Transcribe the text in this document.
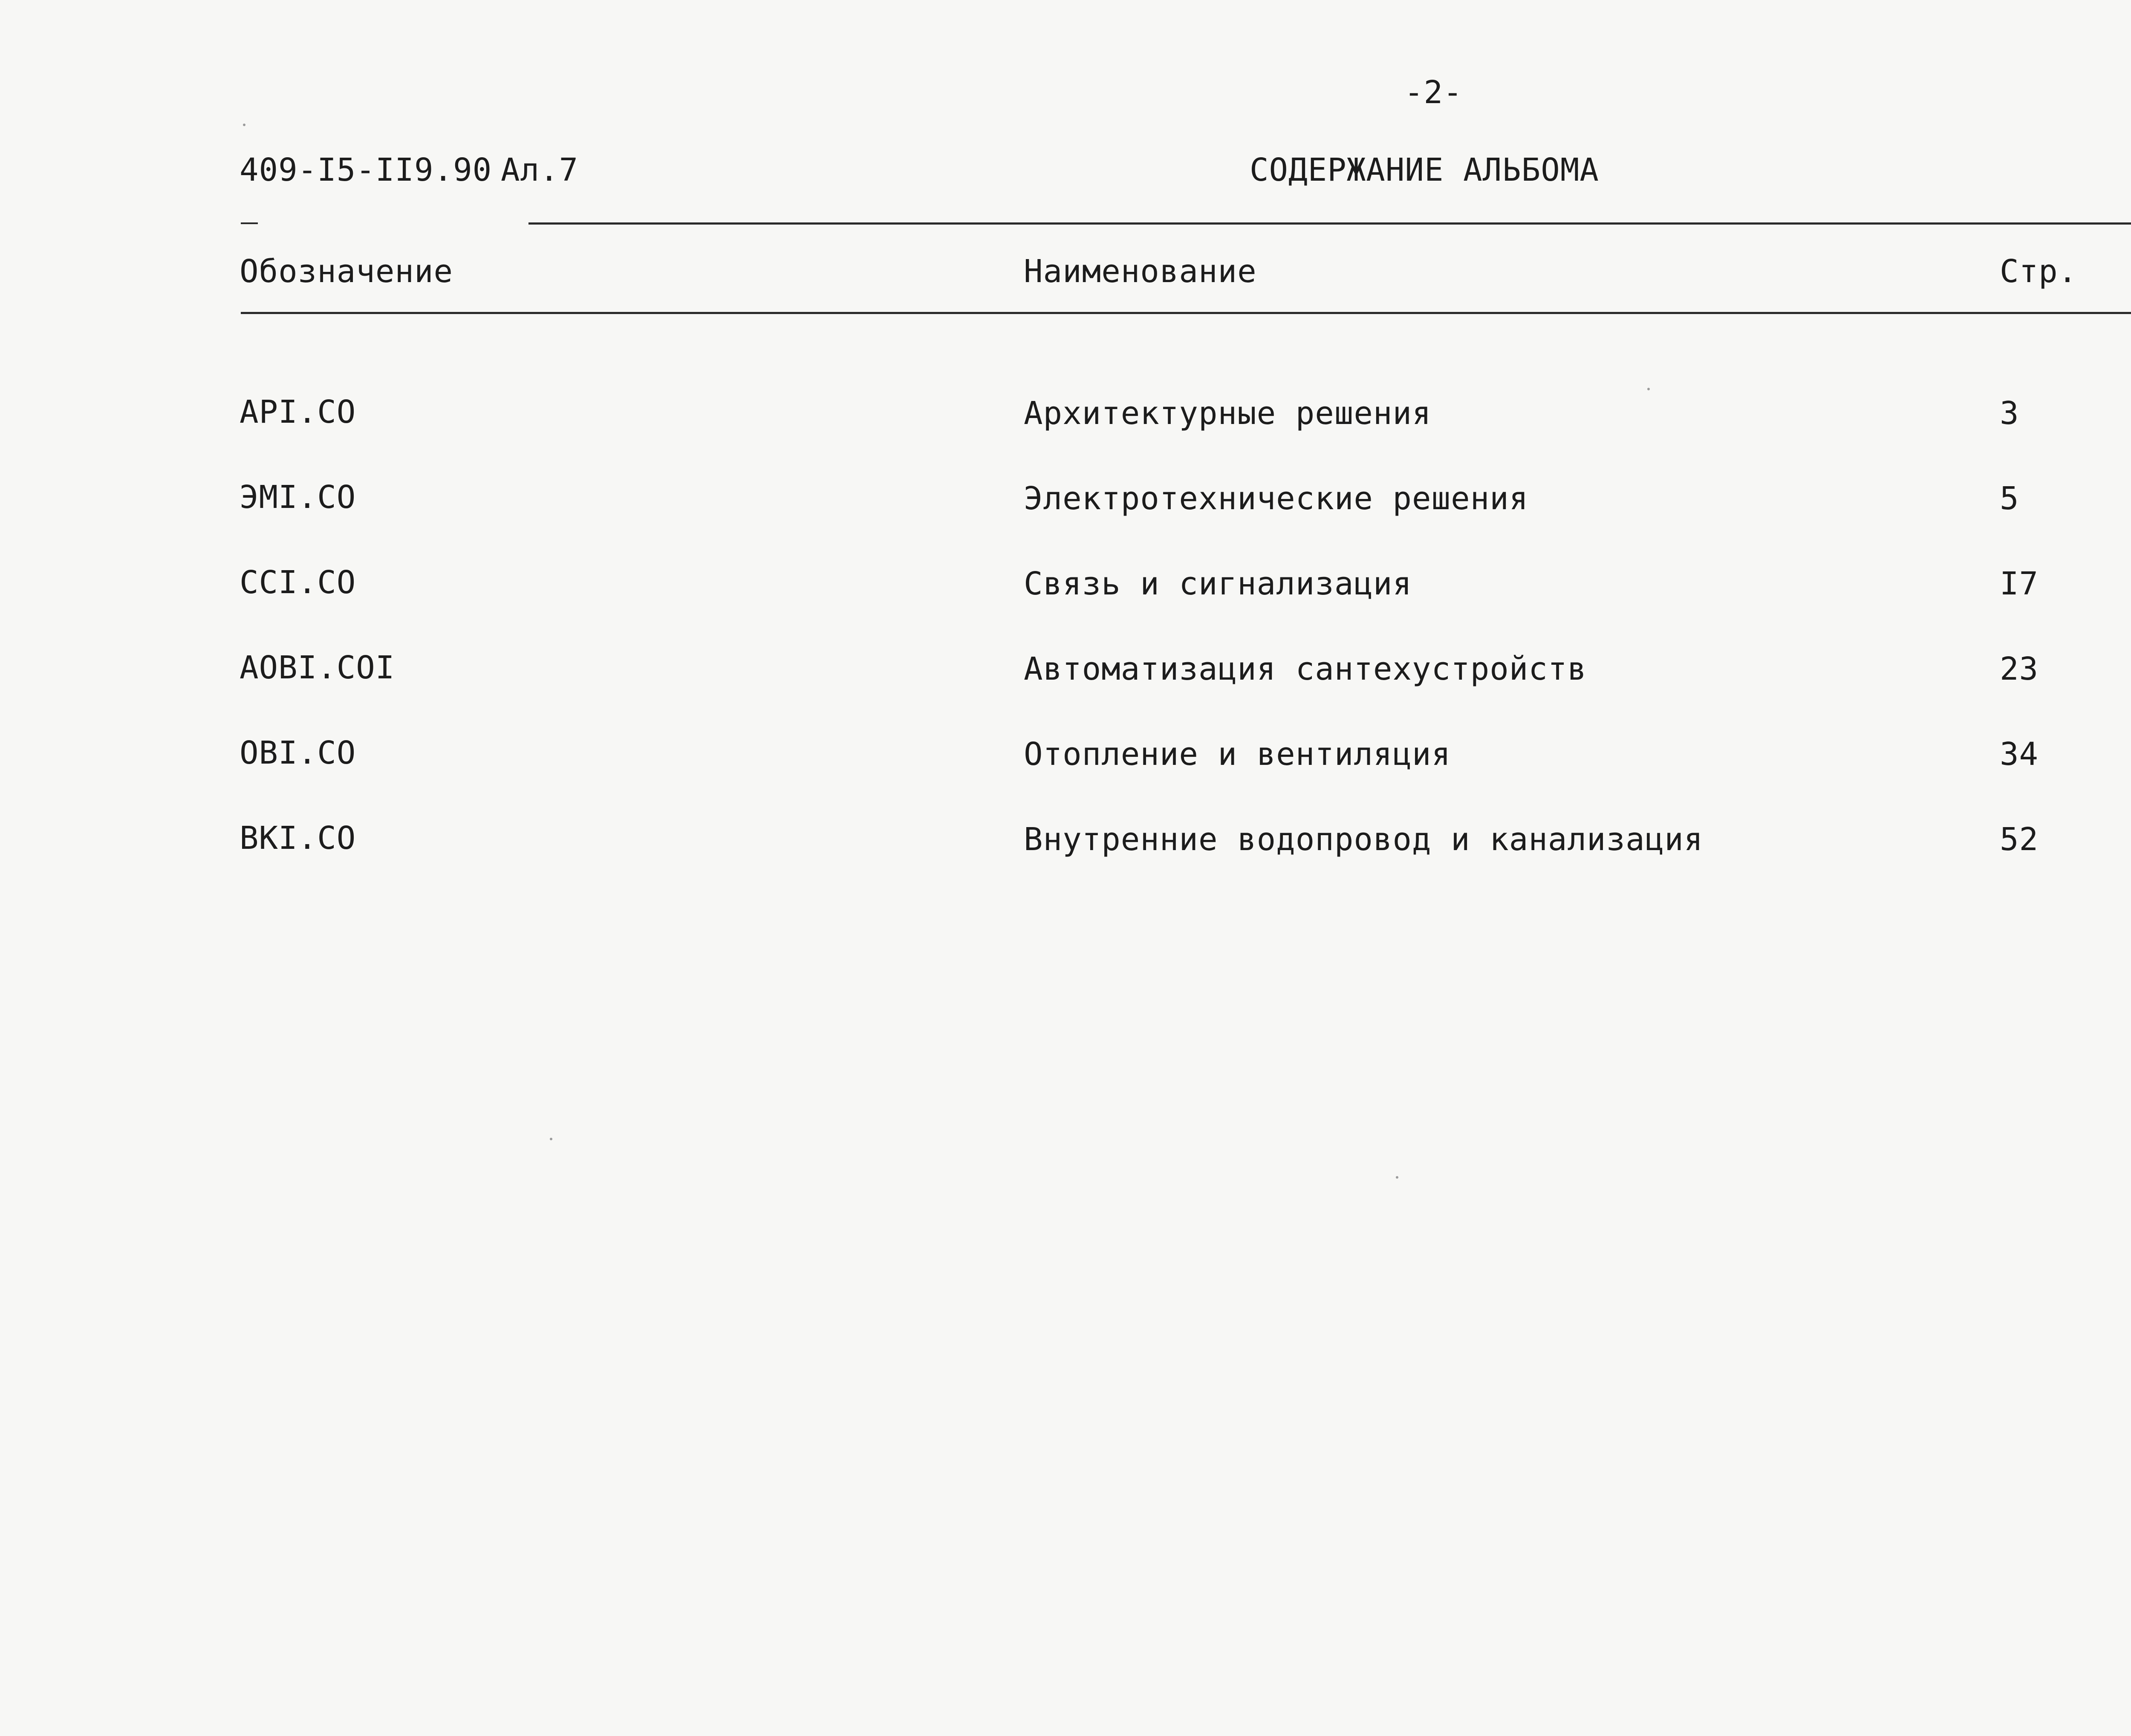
-2-
409-I5-II9.90 Ал.7	СОДЕРЖАНИЕ АЛЬБОМА
Обозначение	Наименование	Стр.
API.CO	Архитектурные решения	3
ЭMI.CO	Электротехнические решения	5
CCI.CO	Связь и сигнализация	I7
AOBI.COI	Автоматизация сантехустройств	23
OBI.CO	Отопление и вентиляция	34
BKI.CO	Внутренние водопровод и канализация	52
